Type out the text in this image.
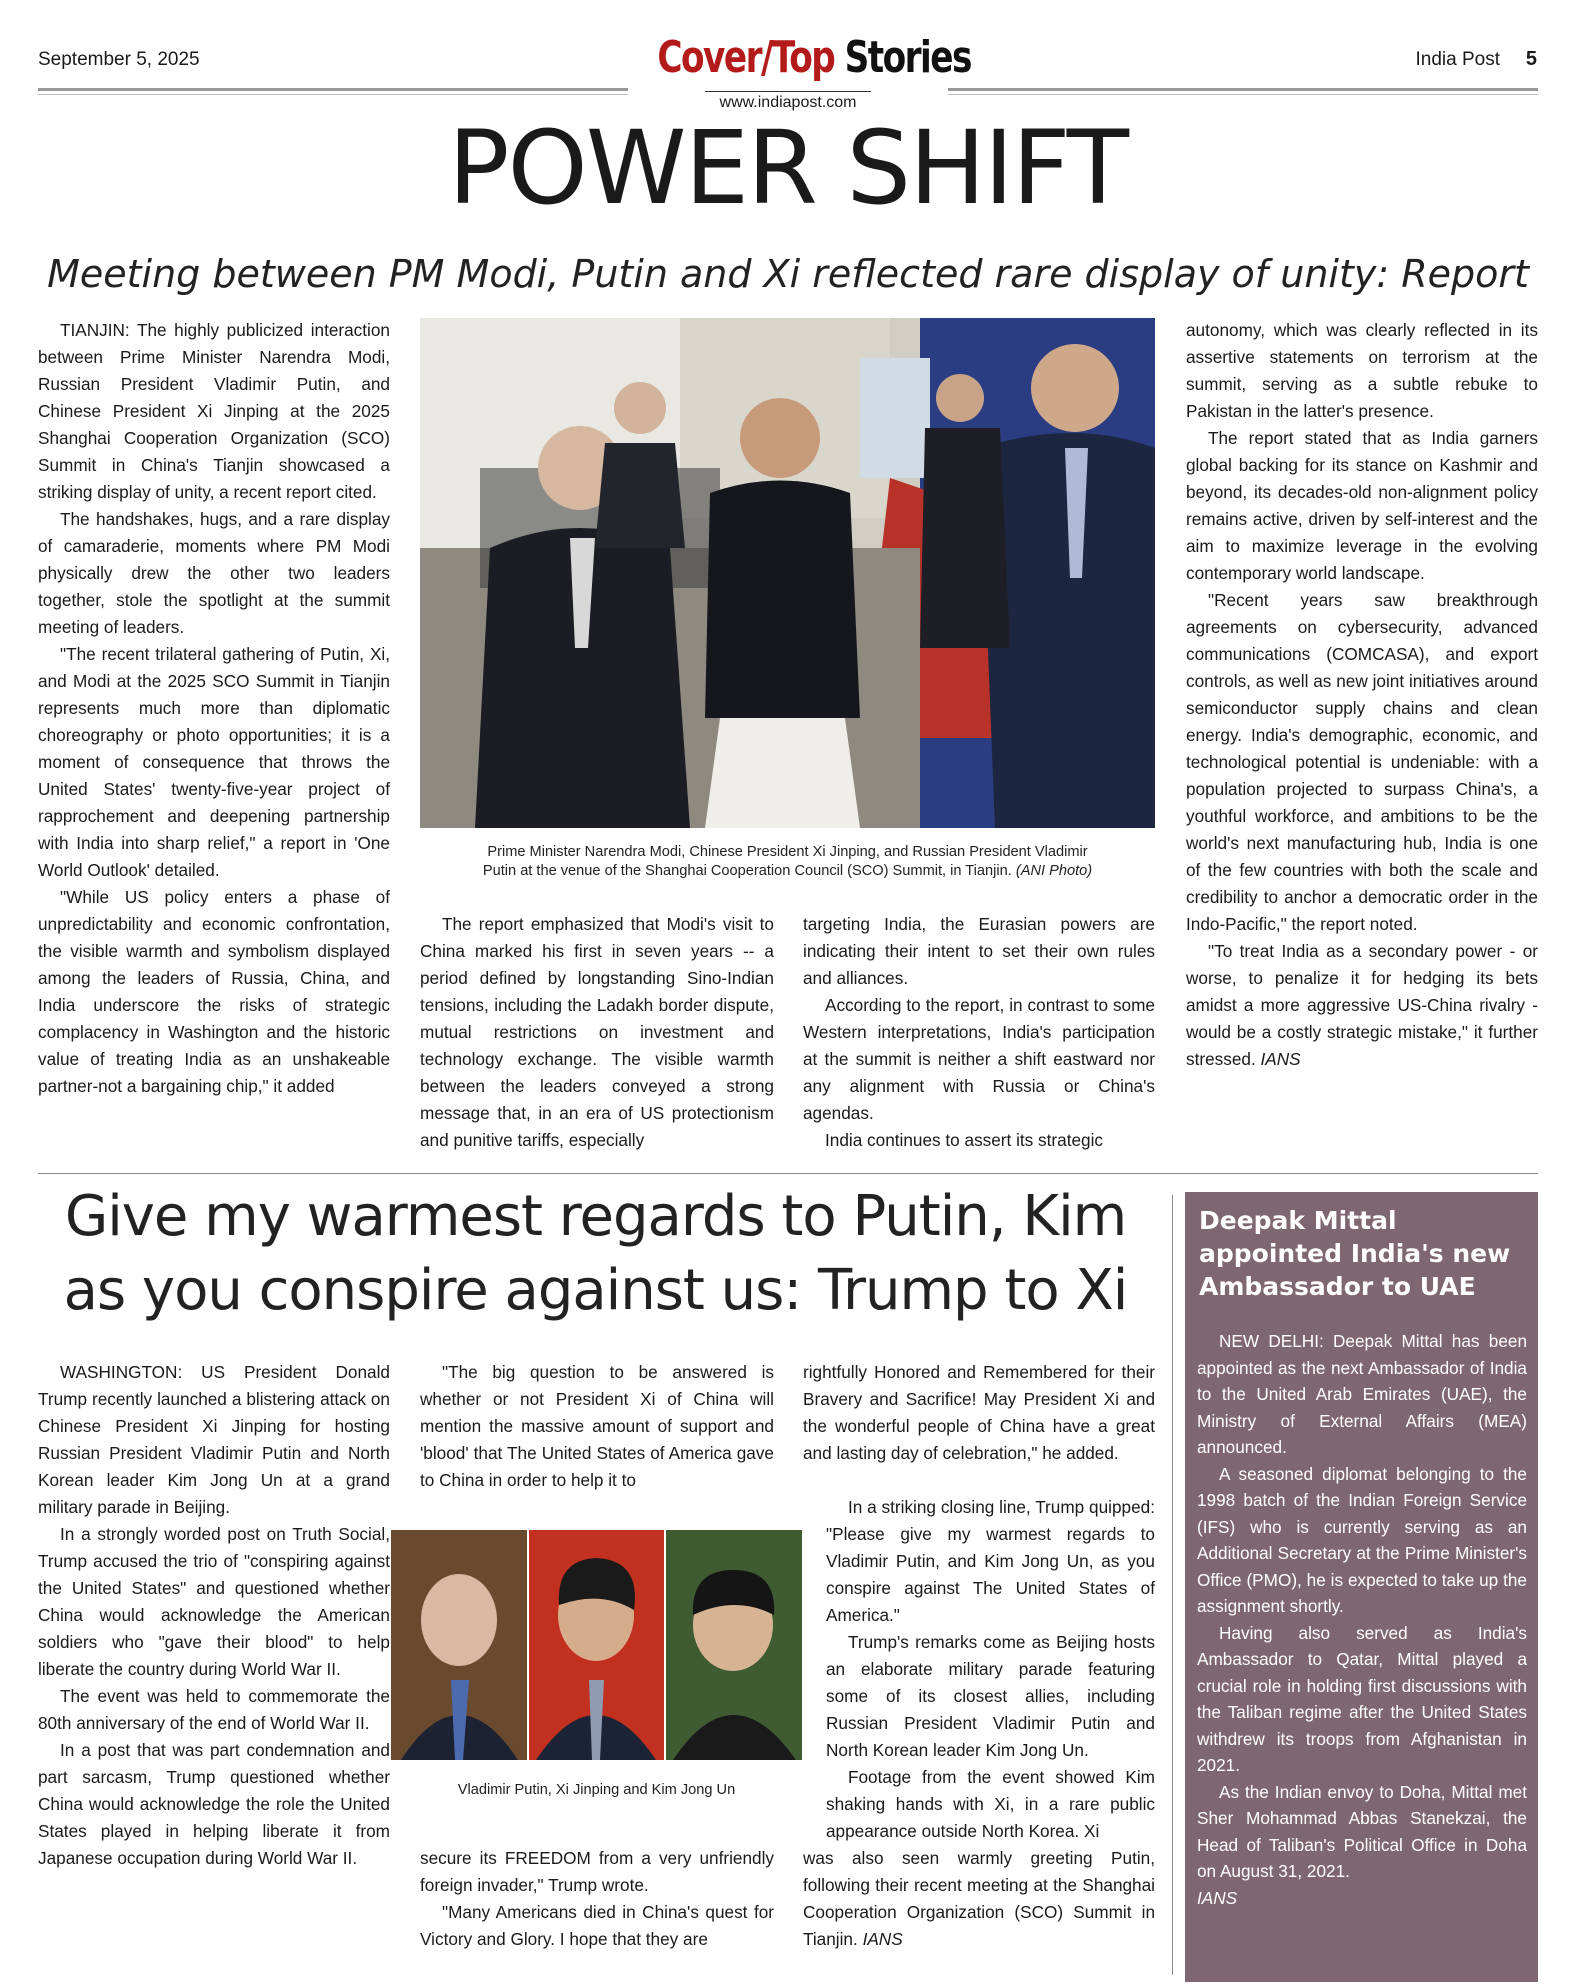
September 5, 2025	Cover/Top Stories
www.indiapost.com
India Post 5
POWER SHIFT
Meeting between PM Modi, Putin and Xi reflected rare display of unity: Report

TIANJIN: The highly publicized interaction between Prime Minister Narendra Modi, Russian President Vladimir Putin, and Chinese President Xi Jinping at the 2025 Shanghai Cooperation Organization (SCO) Summit in China's Tianjin showcased a striking display of unity, a recent report cited.

The handshakes, hugs, and a rare display of camaraderie, moments where PM Modi physically drew the other two leaders together, stole the spotlight at the summit meeting of leaders.

"The recent trilateral gathering of Putin, Xi, and Modi at the 2025 SCO Summit in Tianjin represents much more than diplomatic choreography or photo opportunities; it is a moment of consequence that throws the United States' twenty-five-year project of rapprochement and deepening partnership with India into sharp relief," a report in 'One World Outlook' detailed.

"While US policy enters a phase of unpredictability and economic confrontation, the visible warmth and symbolism displayed among the leaders of Russia, China, and India underscore the risks of strategic complacency in Washington and the historic value of treating India as an unshakeable partner-not a bargaining chip," it added

Prime Minister Narendra Modi, Chinese President Xi Jinping, and Russian President Vladimir
Putin at the venue of the Shanghai Cooperation Council (SCO) Summit, in Tianjin. (ANI Photo)

The report emphasized that Modi's visit to China marked his first in seven years -- a period defined by longstanding Sino-Indian tensions, including the Ladakh border dispute, mutual restrictions on investment and technology exchange. The visible warmth between the leaders conveyed a strong message that, in an era of US protectionism and punitive tariffs, especially

targeting India, the Eurasian powers are indicating their intent to set their own rules and alliances.

According to the report, in contrast to some Western interpretations, India's participation at the summit is neither a shift eastward nor any alignment with Russia or China's agendas.

India continues to assert its strategic

autonomy, which was clearly reflected in its assertive statements on terrorism at the summit, serving as a subtle rebuke to Pakistan in the latter's presence.

The report stated that as India garners global backing for its stance on Kashmir and beyond, its decades-old non-alignment policy remains active, driven by self-interest and the aim to maximize leverage in the evolving contemporary world landscape.

"Recent years saw breakthrough agreements on cybersecurity, advanced communications (COMCASA), and export controls, as well as new joint initiatives around semiconductor supply chains and clean energy. India's demographic, economic, and technological potential is undeniable: with a population projected to surpass China's, a youthful workforce, and ambitions to be the world's next manufacturing hub, India is one of the few countries with both the scale and credibility to anchor a democratic order in the Indo-Pacific," the report noted.

"To treat India as a secondary power - or worse, to penalize it for hedging its bets amidst a more aggressive US-China rivalry - would be a costly strategic mistake," it further stressed. IANS

Give my warmest regards to Putin, Kim
as you conspire against us: Trump to Xi

WASHINGTON: US President Donald Trump recently launched a blistering attack on Chinese President Xi Jinping for hosting Russian President Vladimir Putin and North Korean leader Kim Jong Un at a grand military parade in Beijing.

In a strongly worded post on Truth Social, Trump accused the trio of "conspiring against the United States" and questioned whether China would acknowledge the American soldiers who "gave their blood" to help liberate the country during World War II.

The event was held to commemorate the 80th anniversary of the end of World War II.

In a post that was part condemnation and part sarcasm, Trump questioned whether China would acknowledge the role the United States played in helping liberate it from Japanese occupation during World War II.

"The big question to be answered is whether or not President Xi of China will mention the massive amount of support and 'blood' that The United States of America gave to China in order to help it to

Vladimir Putin, Xi Jinping and Kim Jong Un

secure its FREEDOM from a very unfriendly foreign invader," Trump wrote.

"Many Americans died in China's quest for Victory and Glory. I hope that they are

rightfully Honored and Remembered for their Bravery and Sacrifice! May President Xi and the wonderful people of China have a great and lasting day of celebration," he added.

In a striking closing line, Trump quipped: "Please give my warmest regards to Vladimir Putin, and Kim Jong Un, as you conspire against The United States of America."

Trump's remarks come as Beijing hosts an elaborate military parade featuring some of its closest allies, including Russian President Vladimir Putin and North Korean leader Kim Jong Un.

Footage from the event showed Kim shaking hands with Xi, in a rare public appearance outside North Korea. Xi

was also seen warmly greeting Putin, following their recent meeting at the Shanghai Cooperation Organization (SCO) Summit in Tianjin. IANS

Deepak Mittal appointed India's new Ambassador to UAE

NEW DELHI: Deepak Mittal has been appointed as the next Ambassador of India to the United Arab Emirates (UAE), the Ministry of External Affairs (MEA) announced.

A seasoned diplomat belonging to the 1998 batch of the Indian Foreign Service (IFS) who is currently serving as an Additional Secretary at the Prime Minister's Office (PMO), he is expected to take up the assignment shortly.

Having also served as India's Ambassador to Qatar, Mittal played a crucial role in holding first discussions with the Taliban regime after the United States withdrew its troops from Afghanistan in 2021.

As the Indian envoy to Doha, Mittal met Sher Mohammad Abbas Stanekzai, the Head of Taliban's Political Office in Doha on August 31, 2021.

IANS
